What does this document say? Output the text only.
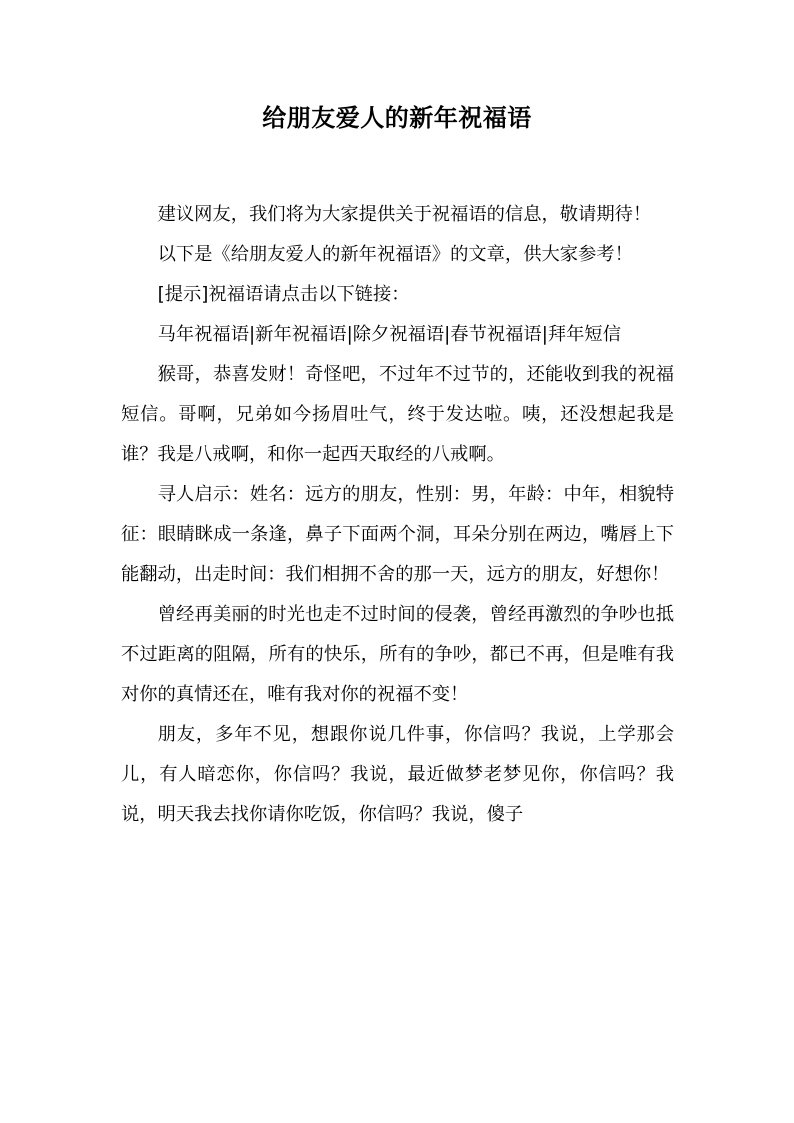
给朋友爱人的新年祝福语

建议网友，我们将为大家提供关于祝福语的信息，敬请期待！

以下是《给朋友爱人的新年祝福语》的文章，供大家参考！

[提示]祝福语请点击以下链接：

马年祝福语|新年祝福语|除夕祝福语|春节祝福语|拜年短信

猴哥，恭喜发财！奇怪吧，不过年不过节的，还能收到我的祝福短信。哥啊，兄弟如今扬眉吐气，终于发达啦。咦，还没想起我是谁？我是八戒啊，和你一起西天取经的八戒啊。

寻人启示：姓名：远方的朋友，性别：男，年龄：中年，相貌特征：眼睛眯成一条逢，鼻子下面两个洞，耳朵分别在两边，嘴唇上下能翻动，出走时间：我们相拥不舍的那一天，远方的朋友，好想你！

曾经再美丽的时光也走不过时间的侵袭，曾经再激烈的争吵也抵不过距离的阻隔，所有的快乐，所有的争吵，都已不再，但是唯有我对你的真情还在，唯有我对你的祝福不变！

朋友，多年不见，想跟你说几件事，你信吗？我说，上学那会儿，有人暗恋你，你信吗？我说，最近做梦老梦见你，你信吗？我说，明天我去找你请你吃饭，你信吗？我说，傻子
